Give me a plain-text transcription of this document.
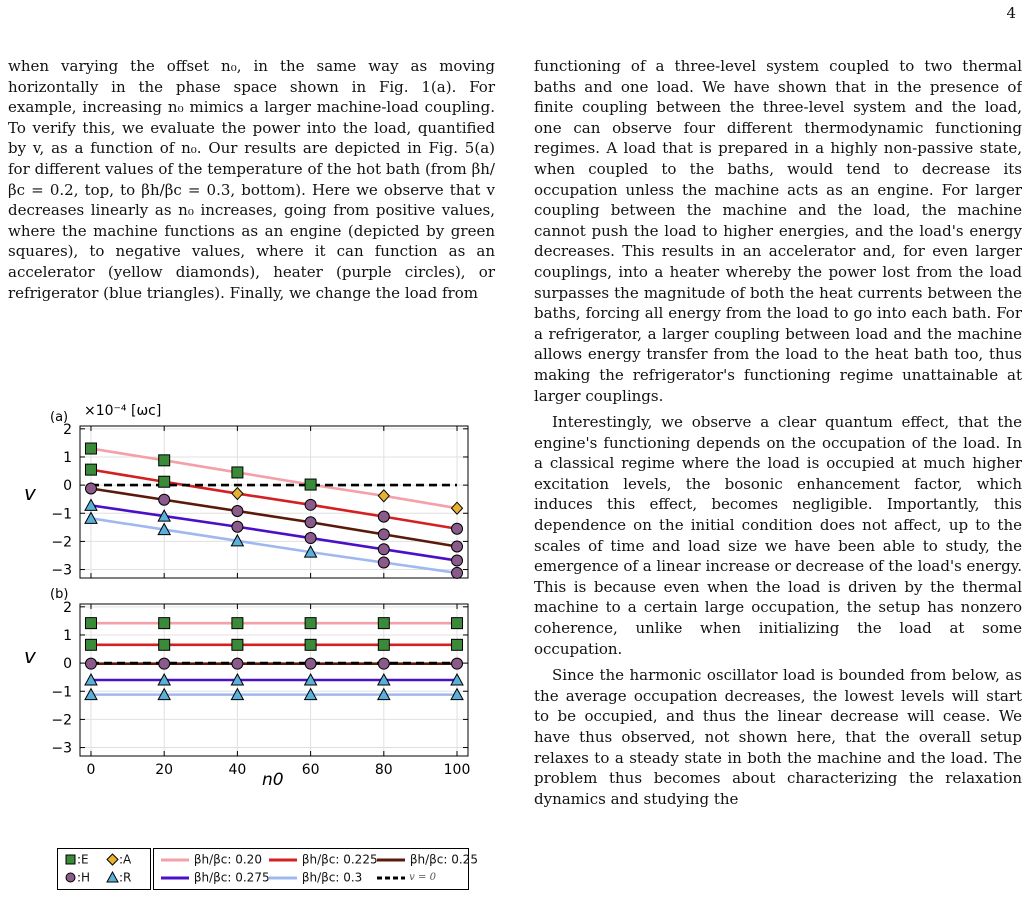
4

when varying the offset n₀, in the same way as moving horizontally in the phase space shown in Fig. 1(a). For example, increasing n₀ mimics a larger machine-load coupling. To verify this, we evaluate the power into the load, quantified by v, as a function of n₀. Our results are depicted in Fig. 5(a) for different values of the temperature of the hot bath (from βh/βc = 0.2, top, to βh/βc = 0.3, bottom). Here we observe that v decreases linearly as n₀ increases, going from positive values, where the machine functions as an engine (depicted by green squares), to negative values, where it can function as an accelerator (yellow diamonds), heater (purple circles), or refrigerator (blue triangles). Finally, we change the load from

functioning of a three-level system coupled to two thermal baths and one load. We have shown that in the presence of finite coupling between the three-level system and the load, one can observe four different thermodynamic functioning regimes. A load that is prepared in a highly non-passive state, when coupled to the baths, would tend to decrease its occupation unless the machine acts as an engine. For larger coupling between the machine and the load, the machine cannot push the load to higher energies, and the load's energy decreases. This results in an accelerator and, for even larger couplings, into a heater whereby the power lost from the load surpasses the magnitude of both the heat currents between the baths, forcing all energy from the load to go into each bath. For a refrigerator, a larger coupling between load and the machine allows energy transfer from the load to the heat bath too, thus making the refrigerator's functioning regime unattainable at larger couplings.

Interestingly, we observe a clear quantum effect, that the engine's functioning depends on the occupation of the load. In a classical regime where the load is occupied at much higher excitation levels, the bosonic enhancement factor, which induces this effect, becomes negligible. Importantly, this dependence on the initial condition does not affect, up to the scales of time and load size we have been able to study, the emergence of a linear increase or decrease of the load's energy. This is because even when the load is driven by the thermal machine to a certain large occupation, the setup has nonzero coherence, unlike when initializing the load at some occupation.

Since the harmonic oscillator load is bounded from below, as the average occupation decreases, the lowest levels will start to be occupied, and thus the linear decrease will cease. We have thus observed, not shown here, that the overall setup relaxes to a steady state in both the machine and the load. The problem thus becomes about characterizing the relaxation dynamics and studying the

−3
−2
−1
0
1
2
−3
−2
−1
0
1
2
0	20	40	60	80	100
(a)
(b)
×10⁻⁴ [ωc]
v
v
n0
:E	:A
:H	:R
βh/βc: 0.20	βh/βc: 0.225	βh/βc: 0.25
βh/βc: 0.275	βh/βc: 0.3	v = 0
